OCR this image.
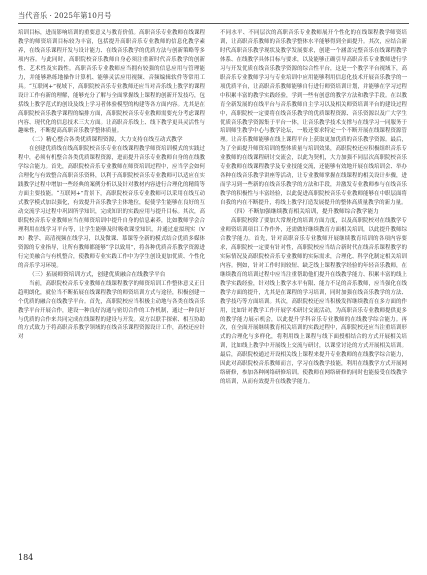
当代音乐 · 2025年第10月号

培训目标，进而影响培训的重要意义与教育价值。高职音乐专业教师在线课程教学的师资培训目标较为丰富，包括提升高职音乐专业教师的信息化教学素养，在线音乐课程开发与设计能力、在线音乐教学的优质方法与创新策略等多项内容。与此同时，高职院校音乐教师自身必须注重新时代音乐教学的创新性、艺术性及实践性。高职音乐专业教师应当拥有较强的信息应用与管理能力，并能够熟练地操作计算机、能够灵活应用视频、音频编辑软件等常用工具。“互联网+”视域下，高职院校音乐专业教师还应当对音乐线上教学的课程设计工作有新的理解，能够充分了解与全面掌握线上课程的创新开发技巧，包括线上教学范式的创设及线上学习者体验模型的构建等各方面内容。尤其是在高职院校音乐教学课程的编排方面，高职院校音乐专业教师需要充分考虑课程内容、现代化的信息技术三大方面。让高职音乐线上、线下教学更具灵活性与趣味性，不断提高高职音乐教学整体质量。

（二）精心整合各类优质课程资源，大力支持在线互动式教学

在创建优质线在线高职院校音乐专业在线课程教学师资培训模式的实践过程中，必须有机整合各类优质课程资源，进而提升音乐专业教师自身的在线教学综合能力。首先，高职院校音乐专业教师在师资培训过程中，应当学会如何合理化与有效整合高职音乐资料，以利于高职院校音乐专业教师可以适应在实践教学过程中增加一些经典的案例分析以及针对教材内容进行合理化的精简等方面主要技能。“互联网+”背景下，高职院校音乐专业教师可以采用在线互动式教学模式加以强化，有效提升音乐教学主体地位，促使学生能够在良好的互动交流学习过程中巩固所学知识，完成知识的实践应用与提升目标。其次，高职院校音乐专业教师应当在师资培训中提升自身的信息素养，比如教师学会合理利用在线学习平台等，让学生能够及时吸收课堂知识，并通过虚拟现实（VR）教学、高清视频在线学习，以及微课、慕课等全新的模式结合优质多媒体资源的专业指导，让所有教师都能够“学以致用”，将各种优质音乐教学资源进行完美融合与有机整合，使教师专业实践工作中为学生创设更加优质、个性化的音乐学习环境。

（三）拓展师资培训方式，创建优质融合在线教学平台

当前，高职院校音乐专业教师在线课程教学的师资培训工作整体意义正日趋明朗化，就位当不断拓展在线课程教学的师资培训方式与途径，积极创建一个优质的融合在线教学平台。首先，高职院校应当积极主动地与各类在线音乐教学平台开展合作，建设一种良好沟通与密切合作的工作机制，通过一种良好与优质的合作来共同完成在线课程的建设与开发。双方以联手探索、相互协助的方式致力于将高职音乐教学领域的在线音乐课程资源设计工作，高校还应针对

不同水平、不同层次的高职音乐专业教师展开个性化的在线课程教学师资培训，让高职音乐教师的音乐教学整体水平能够得到全面提升。其次，应结合新时代高职音乐教学现状及教学发展要求，创建一个涵盖完整音乐在线课程教学体系、在线教学具体目标与要求，以及能够正确引导高职音乐专业教师进行学习与开发优质在线音乐教学资源的综合性平台，这是一个教学平台视域下，高职音乐专业教师学习与专业培训中应用能够利用信息化技术开展音乐教学的一项优质平台，让高职音乐教师能够自行进行师资培训计划，并能够在学习过程中积累丰富的教学实践经验，学到一些有创意的教学方法和教学手段。在以教育全新发展的在线平台与音乐教师自主学习以及相关师资培训平台的建设过程中，高职院校一定要将在线音乐教学的优质课程资源、音乐资源以及广大学生优质音乐教学资源集于平台一体，让音乐教学技术支撑与在线学习一同服务于培训师生教学中心与教学论坛，一般还要求特定一个不断开展在线课程资源管理。让音乐教师能够在线上课程平台上获取更加优质的音乐教学资源。最后，为了全面提升师资培训的整体质量与培训效果，高职院校还应积极组织音乐专业教师的在线课程研讨交流会，以此为契机，大力加强不同层次高职院校音乐专业教师在线课程教学及专业技能交流，还能够有效地开展在线培训会、举办各种在线音乐教学讲座等活动，让专业教师掌握在线课程的相关设计步骤，进而学习到一些新的在线音乐教学的方法和手段，并激发专业教师参与在线音乐教学的积极性与丰富经验，以此促进高职院校音乐专业教师能够在中职层面将自我的内在不断提升，将线上教学打造发展提升的整体高质量教学的新力量。

（四）不断加强继续教育相关培训，提升教师综合教学能力

高职院校除了要加大常规化的培训方面力度，以及高职院校对在线教学专业师资培训项目工作作外，还需做好继续教育方面相关培训，以此提升教师综合教学能力。首先，针对高职音乐专业教师开展继续教育培训的各项内容要求，高职院校一定要有针对性，高职院校应当结合新时代在线音乐课程教学的实际情况及高职院校音乐专业教师的实际需求，合理化、科学化制定相关培训内容。例如，针对工作时间较短、缺乏线上课程教学经验的年轻音乐教师，在继续教育的培训过程中应当注重帮助他们提升在线教学能力、积累丰富的线上教学实践经验，针对线上教学水平有限、能力不足的音乐教师，应当强化在线教学方面的提升，尤其是在课程的学习培训，同时加强在线音乐教学的方法、教学技巧等方面培训。其次，高职院校还应当积极发挥继续教育在多方面的作用，比如针对教学工作开展学术研讨交流活动，为高职音乐专业教师提供更多的教学能力展示机会，以此提升学科音乐专业教师的在线教学综合能力。再次，在全面开展继续教育相关培训的实践过程中，高职院校还应当注重培训形式的合理化与多样化，将利用线上课程与线下面授相结合的方式开展相关培训，比如线上教学中开展线上交流与研讨，以课堂讨论的方式开展相关培训。最后，高职院校通过开设相关线上课程来提升专业教师的在线教学综合能力，因此对高职院校音乐教师而言，学习在线教学技能，利用在线教学方式开展网络研修，参加各种网络研修培训。使教师在网络研修的同时也能接受在线教学的培训，从而有效提升在线教学能力。

184
